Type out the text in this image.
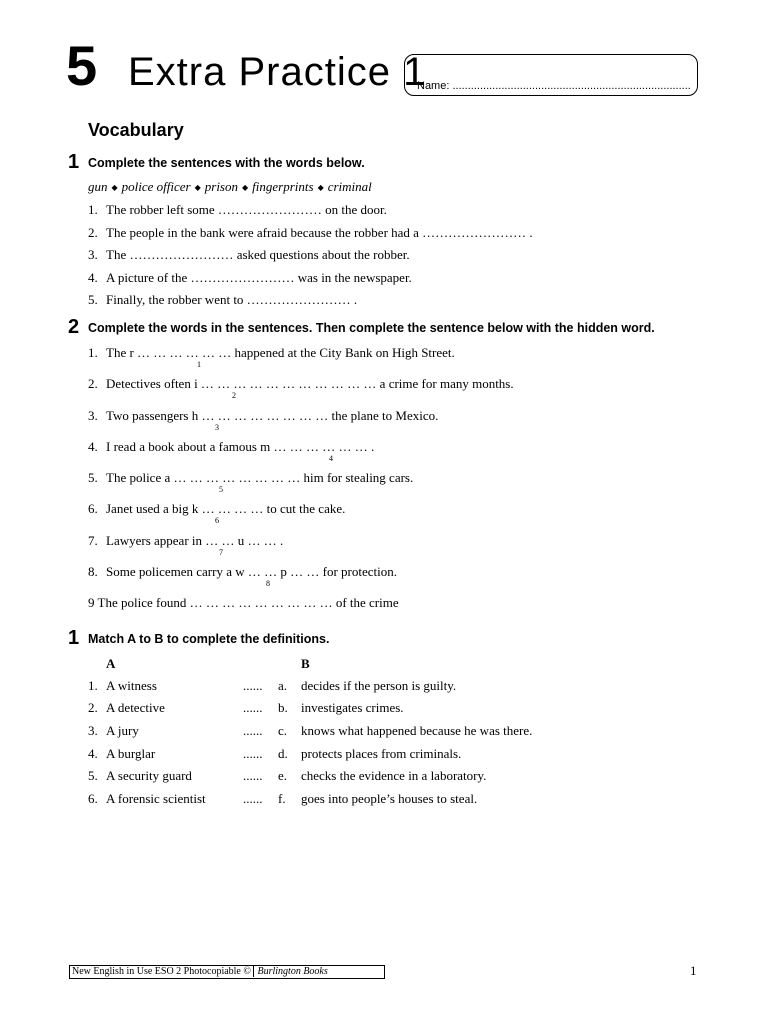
5 Extra Practice 1
Name: ..............................................................................
Vocabulary
1 Complete the sentences with the words below.
gun ◆ police officer ◆ prison ◆ fingerprints ◆ criminal
1. The robber left some …………………… on the door.
2. The people in the bank were afraid because the robber had a …………………… .
3. The …………………… asked questions about the robber.
4. A picture of the …………………… was in the newspaper.
5. Finally, the robber went to …………………… .
2 Complete the words in the sentences. Then complete the sentence below with the hidden word.
1. The r … … … … … … happened at the City Bank on High Street.
1
2. Detectives often i … … … … … … … … … … … a crime for many months.
2
3. Two passengers h … … … … … … … … the plane to Mexico.
3
4. I read a book about a famous m … … … … … … .
4
5. The police a … … … … … … … … him for stealing cars.
5
6. Janet used a big k … … … … to cut the cake.
6
7. Lawyers appear in … … u … … .
7
8. Some policemen carry a w … … p … … for protection.
8
9 The police found … … … … … … … … … of the crime
1 Match A to B to complete the definitions.
A	B
1. A witness	...... a. decides if the person is guilty.
2. A detective	...... b. investigates crimes.
3. A jury	...... c. knows what happened because he was there.
4. A burglar	...... d. protects places from criminals.
5. A security guard	...... e. checks the evidence in a laboratory.
6. A forensic scientist	...... f. goes into people’s houses to steal.
New English in Use ESO 2 Photocopiable © Burlington Books	1
